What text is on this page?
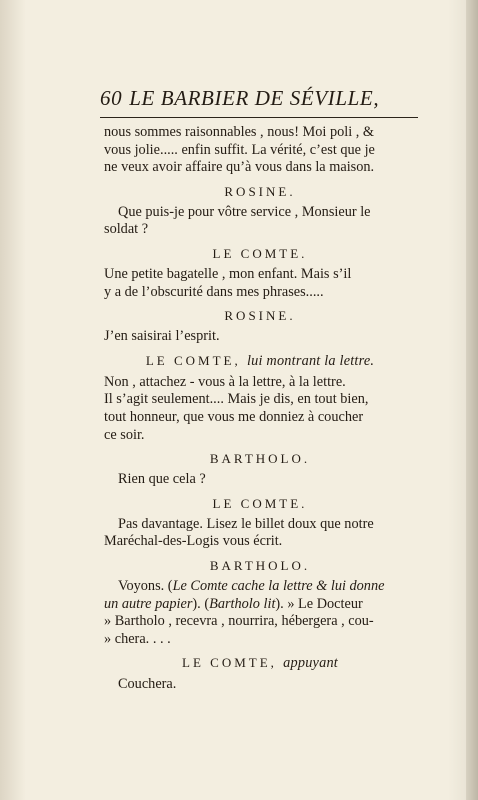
60 LE BARBIER DE SÉVILLE,

nous sommes raisonnables , nous! Moi poli , &

vous jolie..... enfin suffit. La vérité, c’est que je

ne veux avoir affaire qu’à vous dans la maison.

ROSINE.

Que puis-je pour vôtre service , Monsieur le

soldat ?

LE COMTE.

Une petite bagatelle , mon enfant. Mais s’il

y a de l’obscurité dans mes phrases.....

ROSINE.

J’en saisirai l’esprit.

LE COMTE, lui montrant la lettre.

Non , attachez - vous à la lettre, à la lettre.

Il s’agit seulement.... Mais je dis, en tout bien,

tout honneur, que vous me donniez à coucher

ce soir.

BARTHOLO.

Rien que cela ?

LE COMTE.

Pas davantage. Lisez le billet doux que notre

Maréchal-des-Logis vous écrit.

BARTHOLO.

Voyons. (Le Comte cache la lettre & lui donne

un autre papier). (Bartholo lit). » Le Docteur

» Bartholo , recevra , nourrira, hébergera , cou-

» chera. . . .

LE COMTE, appuyant

Couchera.
